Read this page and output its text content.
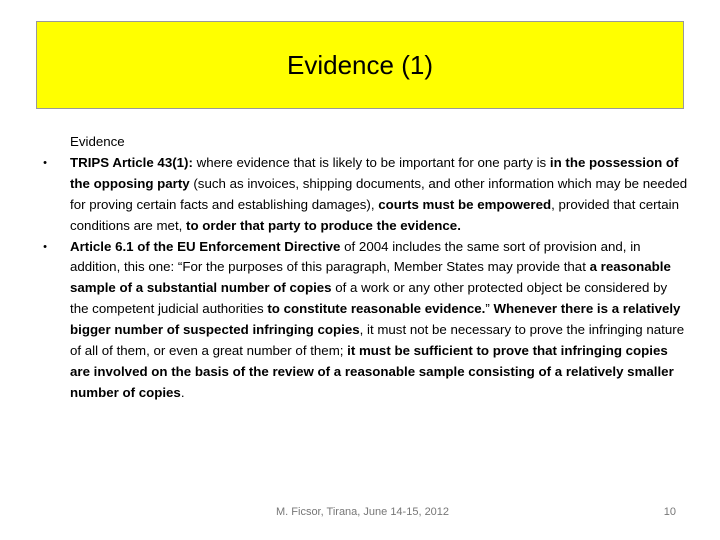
Evidence (1)
Evidence
• TRIPS Article 43(1): where evidence that is likely to be important for one party is in the possession of the opposing party (such as invoices, shipping documents, and other information which may be needed for proving certain facts and establishing damages), courts must be empowered, provided that certain conditions are met, to order that party to produce the evidence.
• Article 6.1 of the EU Enforcement Directive of 2004 includes the same sort of provision and, in addition, this one: “For the purposes of this paragraph, Member States may provide that a reasonable sample of a substantial number of copies of a work or any other protected object be considered by the competent judicial authorities to constitute reasonable evidence.” Whenever there is a relatively bigger number of suspected infringing copies, it must not be necessary to prove the infringing nature of all of them, or even a great number of them; it must be sufficient to prove that infringing copies are involved on the basis of the review of a reasonable sample consisting of a relatively smaller number of copies.
M. Ficsor, Tirana, June 14-15, 2012	10
